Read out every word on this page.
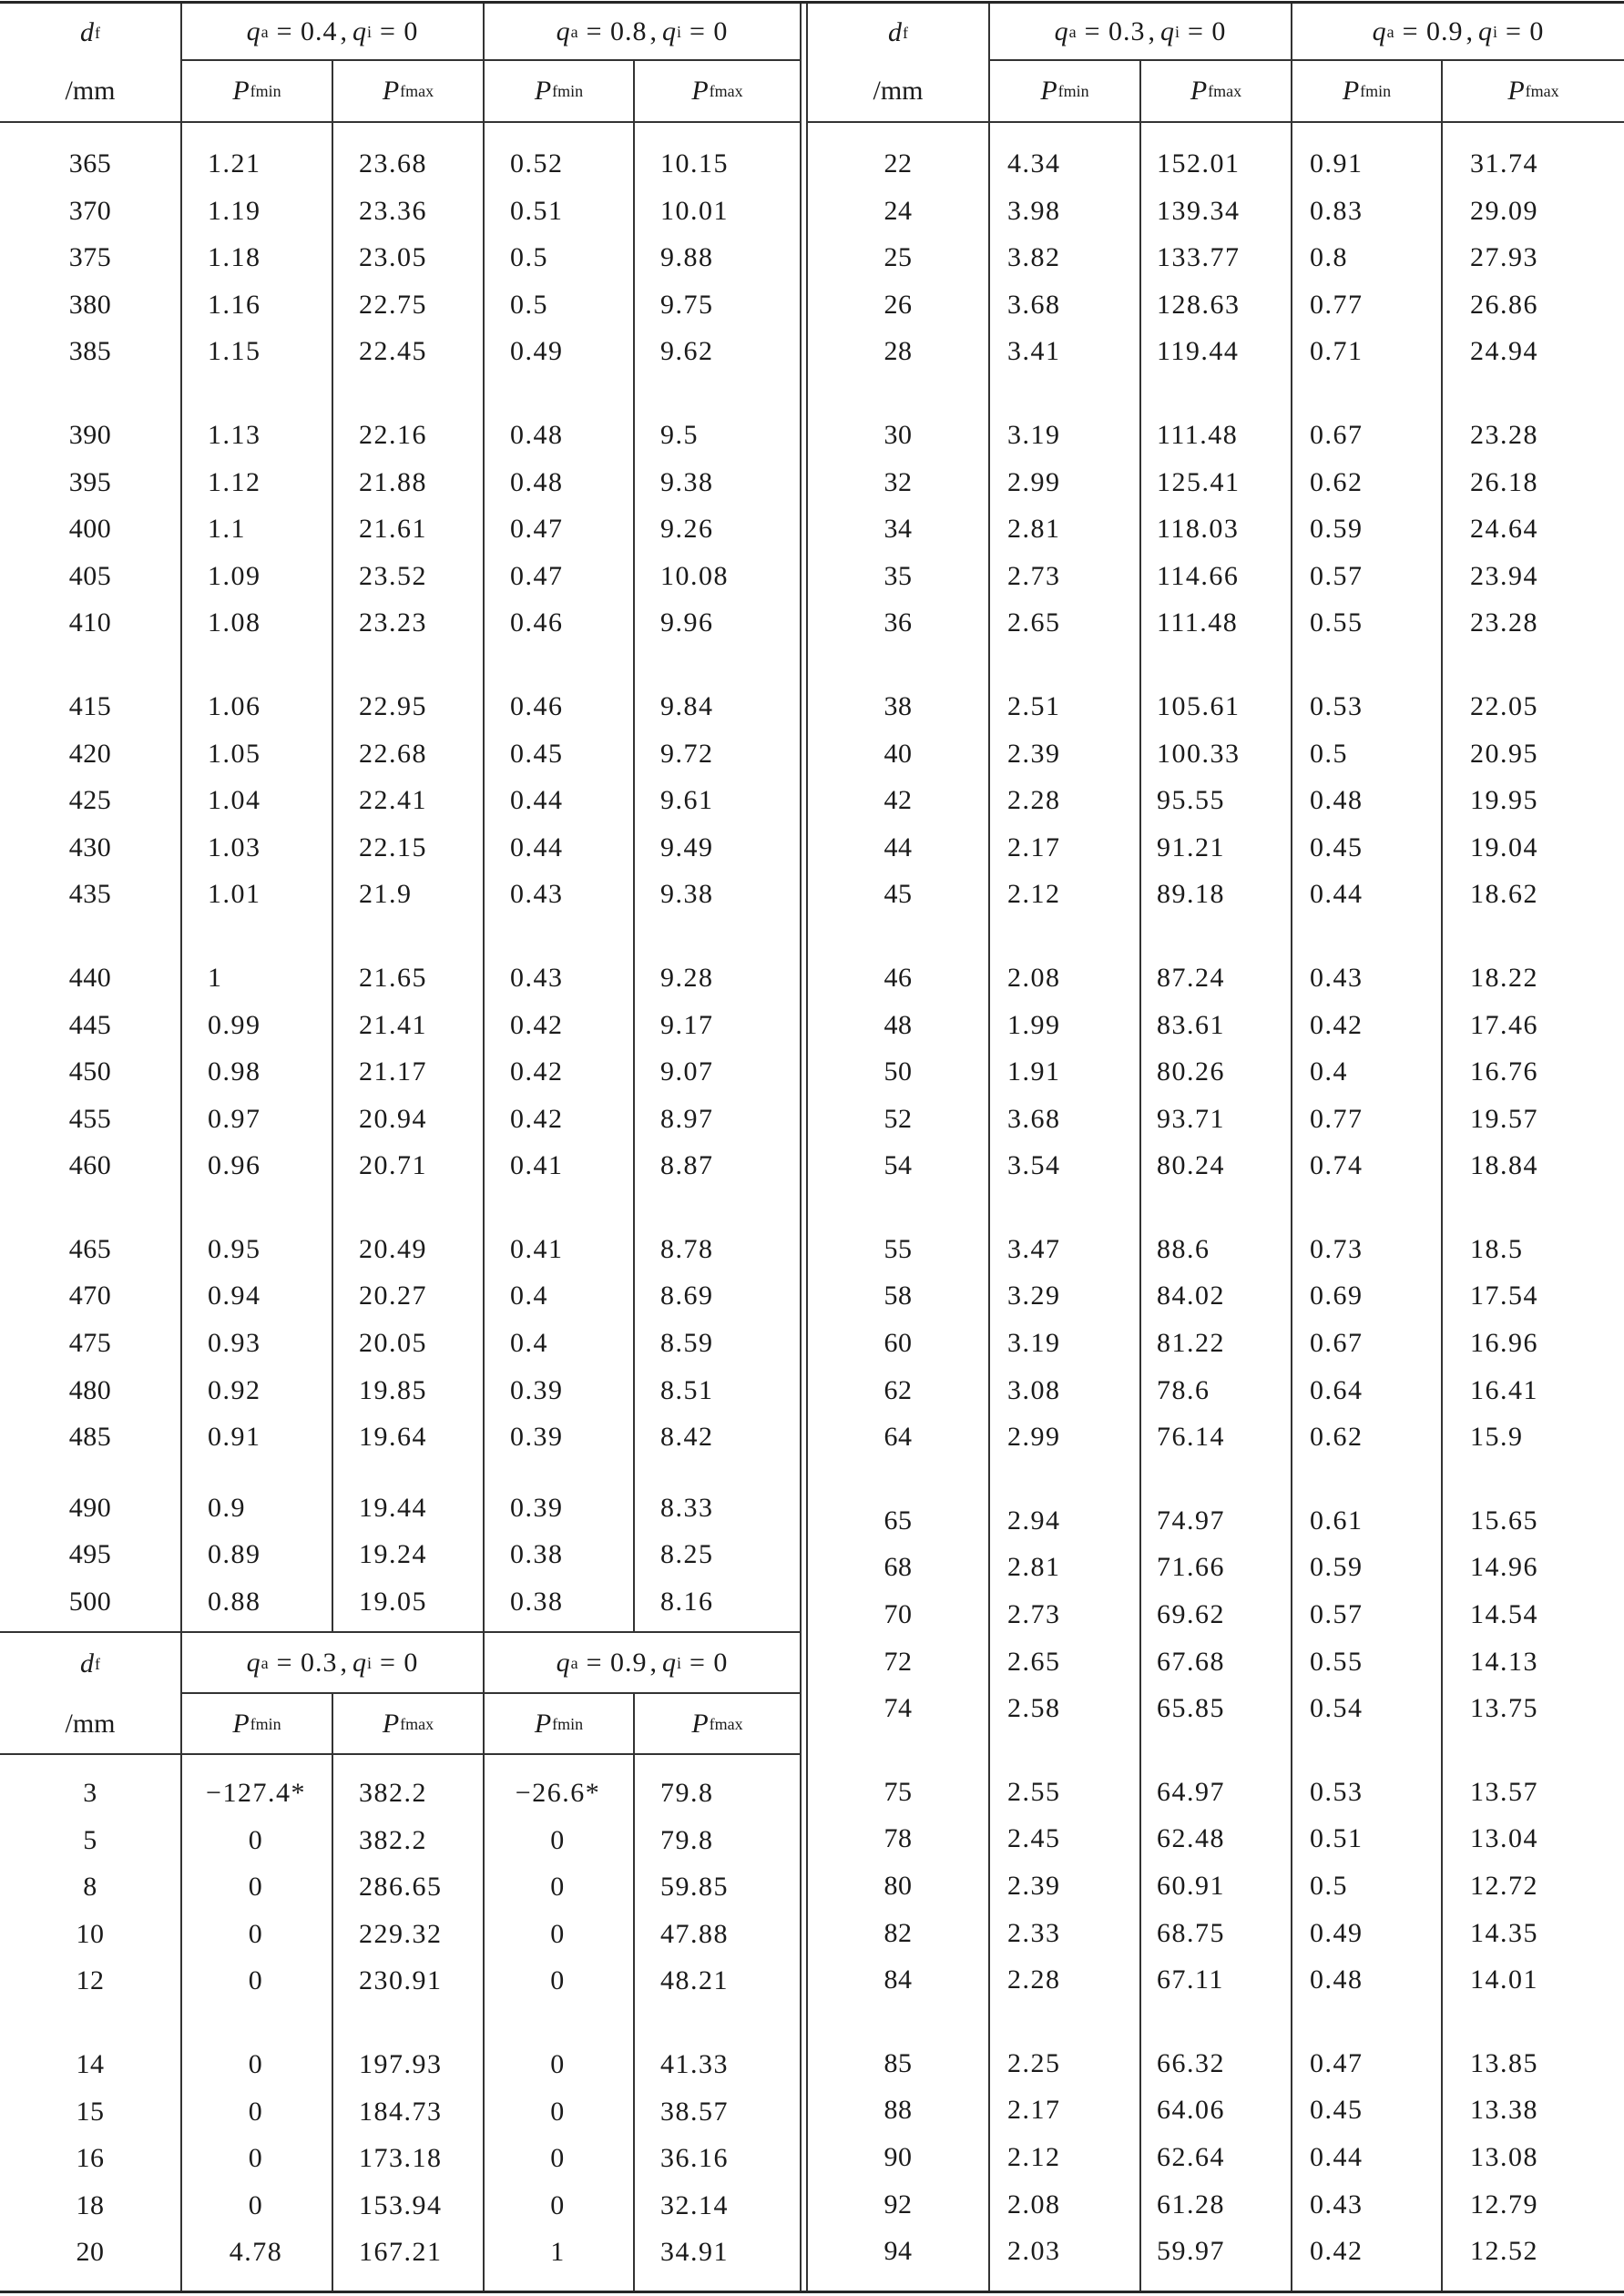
d f
/mm
q a = 0.4 , q i = 0
P fmin	P fmax
q a = 0.8 , q i = 0
P fmin	P fmax
365	1.21	23.68	0.52	10.15
370	1.19	23.36	0.51	10.01
375	1.18	23.05	0.5	9.88
380	1.16	22.75	0.5	9.75
385	1.15	22.45	0.49	9.62
390	1.13	22.16	0.48	9.5
395	1.12	21.88	0.48	9.38
400	1.1	21.61	0.47	9.26
405	1.09	23.52	0.47	10.08
410	1.08	23.23	0.46	9.96
415	1.06	22.95	0.46	9.84
420	1.05	22.68	0.45	9.72
425	1.04	22.41	0.44	9.61
430	1.03	22.15	0.44	9.49
435	1.01	21.9	0.43	9.38
440	1	21.65	0.43	9.28
445	0.99	21.41	0.42	9.17
450	0.98	21.17	0.42	9.07
455	0.97	20.94	0.42	8.97
460	0.96	20.71	0.41	8.87
465	0.95	20.49	0.41	8.78
470	0.94	20.27	0.4	8.69
475	0.93	20.05	0.4	8.59
480	0.92	19.85	0.39	8.51
485	0.91	19.64	0.39	8.42
490	0.9	19.44	0.39	8.33
495	0.89	19.24	0.38	8.25
500	0.88	19.05	0.38	8.16
d f
/mm
q a = 0.3 , q i = 0
P fmin	P fmax
q a = 0.9 , q i = 0
P fmin	P fmax
3	−127.4*	382.2	−26.6*	79.8
5	0	382.2	0	79.8
8	0	286.65	0	59.85
10	0	229.32	0	47.88
12	0	230.91	0	48.21
14	0	197.93	0	41.33
15	0	184.73	0	38.57
16	0	173.18	0	36.16
18	0	153.94	0	32.14
20	4.78	167.21	1	34.91
d f
/mm
q a = 0.3 , q i = 0
P fmin	P fmax
q a = 0.9 , q i = 0
P fmin	P fmax
22	4.34	152.01	0.91	31.74
24	3.98	139.34	0.83	29.09
25	3.82	133.77	0.8	27.93
26	3.68	128.63	0.77	26.86
28	3.41	119.44	0.71	24.94
30	3.19	111.48	0.67	23.28
32	2.99	125.41	0.62	26.18
34	2.81	118.03	0.59	24.64
35	2.73	114.66	0.57	23.94
36	2.65	111.48	0.55	23.28
38	2.51	105.61	0.53	22.05
40	2.39	100.33	0.5	20.95
42	2.28	95.55	0.48	19.95
44	2.17	91.21	0.45	19.04
45	2.12	89.18	0.44	18.62
46	2.08	87.24	0.43	18.22
48	1.99	83.61	0.42	17.46
50	1.91	80.26	0.4	16.76
52	3.68	93.71	0.77	19.57
54	3.54	80.24	0.74	18.84
55	3.47	88.6	0.73	18.5
58	3.29	84.02	0.69	17.54
60	3.19	81.22	0.67	16.96
62	3.08	78.6	0.64	16.41
64	2.99	76.14	0.62	15.9
65	2.94	74.97	0.61	15.65
68	2.81	71.66	0.59	14.96
70	2.73	69.62	0.57	14.54
72	2.65	67.68	0.55	14.13
74	2.58	65.85	0.54	13.75
75	2.55	64.97	0.53	13.57
78	2.45	62.48	0.51	13.04
80	2.39	60.91	0.5	12.72
82	2.33	68.75	0.49	14.35
84	2.28	67.11	0.48	14.01
85	2.25	66.32	0.47	13.85
88	2.17	64.06	0.45	13.38
90	2.12	62.64	0.44	13.08
92	2.08	61.28	0.43	12.79
94	2.03	59.97	0.42	12.52
